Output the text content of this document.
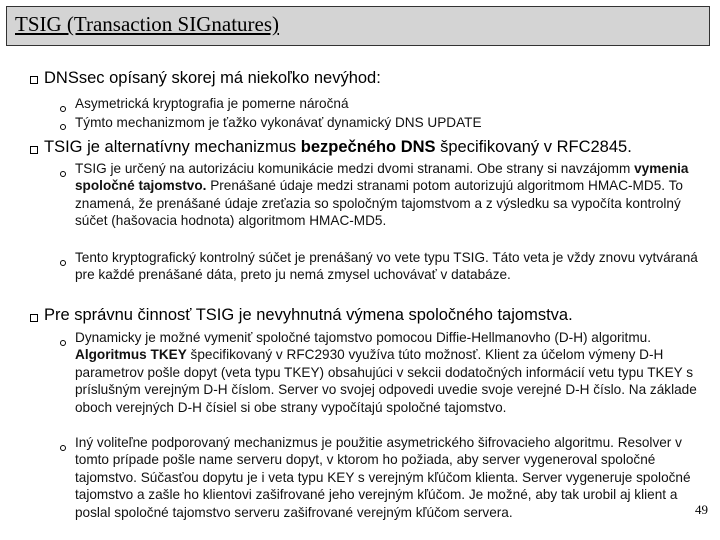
TSIG (Transaction SIGnatures)
DNSsec opísaný skorej má niekoľko nevýhod:
Asymetrická kryptografia je pomerne náročná
Týmto mechanizmom je ťažko vykonávať dynamický DNS UPDATE
TSIG je alternatívny mechanizmus bezpečného DNS špecifikovaný v RFC2845.
TSIG je určený na autorizáciu komunikácie medzi dvomi stranami. Obe strany si navzájomm vymenia spoločné tajomstvo. Prenášané údaje medzi stranami potom autorizujú algoritmom HMAC-MD5. To znamená, že prenášané údaje zreťazia so spoločným tajomstvom a z výsledku sa vypočíta kontrolný súčet (hašovacia hodnota) algoritmom HMAC-MD5.
Tento kryptografický kontrolný súčet je prenášaný vo vete typu TSIG. Táto veta je vždy znovu vytváraná pre každé prenášané dáta, preto ju nemá zmysel uchovávať v databáze.
Pre správnu činnosť TSIG je nevyhnutná výmena spoločného tajomstva.
Dynamicky je možné vymeniť spoločné tajomstvo pomocou Diffie-Hellmanovho (D-H) algoritmu. Algoritmus TKEY špecifikovaný v RFC2930 využíva túto možnosť. Klient za účelom výmeny D-H parametrov pošle dopyt (veta typu TKEY) obsahujúci v sekcii dodatočných informácií vetu typu TKEY s príslušným verejným D-H číslom. Server vo svojej odpovedi uvedie svoje verejné D-H číslo. Na základe oboch verejných D-H čísiel si obe strany vypočítajú spoločné tajomstvo.
Iný voliteľne podporovaný mechanizmus je použitie asymetrického šifrovacieho algoritmu. Resolver v tomto prípade pošle name serveru dopyt, v ktorom ho požiada, aby server vygeneroval spoločné tajomstvo. Súčasťou dopytu je i veta typu KEY s verejným kľúčom klienta. Server vygeneruje spoločné tajomstvo a zašle ho klientovi zašifrované jeho verejným kľúčom. Je možné, aby tak urobil aj klient a poslal spoločné tajomstvo serveru zašifrované verejným kľúčom servera.	49
